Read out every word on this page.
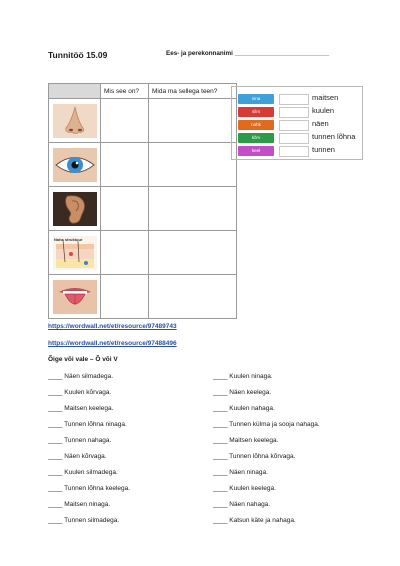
Tunnitöö 15.09	Ees- ja perekonnanimi ___________________________
	Mis see on?	Mida ma sellega teen?

Naha struktuur		

nina	maitsen
silm	kuulen
nahk	näen
kõrv	tunnen lõhna
keel	tunnen
https://wordwall.net/et/resource/97489743
https://wordwall.net/et/resource/97488496
Õige või vale – Õ või V
____ Näen silmadega.
____ Kuulen kõrvaga.
____ Maitsen keelega.
____ Tunnen lõhna ninaga.
____ Tunnen nahaga.
____ Näen kõrvaga.
____ Kuulen silmadega.
____ Tunnen lõhna keelega.
____ Maitsen ninaga.
____ Tunnen silmadega.
____ Kuulen ninaga.
____ Näen keelega.
____ Kuulen nahaga.
____ Tunnen külma ja sooja nahaga.
____ Maitsen keelega.
____ Tunnen lõhna kõrvaga.
____ Näen ninaga.
____ Kuulen keelega.
____ Näen nahaga.
____ Katsun käte ja nahaga.
